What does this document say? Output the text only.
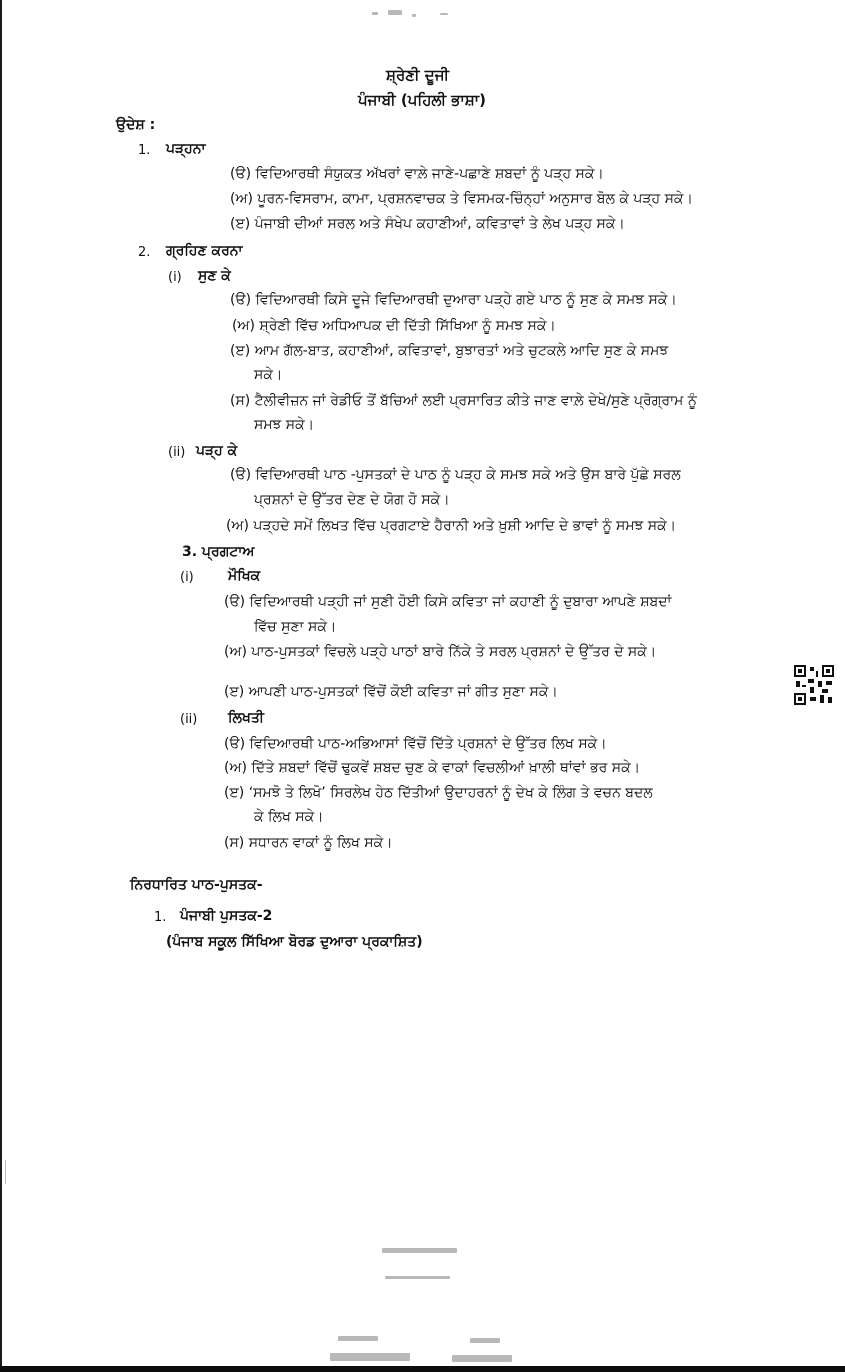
ਸ਼੍ਰੇਣੀ ਦੂਜੀ
ਪੰਜਾਬੀ (ਪਹਿਲੀ ਭਾਸ਼ਾ)
ਉਦੇਸ਼ :
1. ਪੜ੍ਹਨਾ
(ੳ) ਵਿਦਿਆਰਥੀ ਸੰਯੁਕਤ ਅੱਖਰਾਂ ਵਾਲ਼ੇ ਜਾਣੇ-ਪਛਾਣੇ ਸ਼ਬਦਾਂ ਨੂੰ ਪੜ੍ਹ ਸਕੇ।
(ਅ) ਪੂਰਨ-ਵਿਸਰਾਮ, ਕਾਮਾ, ਪ੍ਰਸ਼ਨਵਾਚਕ ਤੇ ਵਿਸਮਕ-ਚਿੰਨ੍ਹਾਂ ਅਨੁਸਾਰ ਬੋਲ ਕੇ ਪੜ੍ਹ ਸਕੇ।
(ੲ) ਪੰਜਾਬੀ ਦੀਆਂ ਸਰਲ ਅਤੇ ਸੰਖੇਪ ਕਹਾਣੀਆਂ, ਕਵਿਤਾਵਾਂ ਤੇ ਲੇਖ ਪੜ੍ਹ ਸਕੇ।
2. ਗ੍ਰਹਿਣ ਕਰਨਾ
(i) ਸੁਣ ਕੇ
(ੳ) ਵਿਦਿਆਰਥੀ ਕਿਸੇ ਦੂਜੇ ਵਿਦਿਆਰਥੀ ਦੁਆਰਾ ਪੜ੍ਹੇ ਗਏ ਪਾਠ ਨੂੰ ਸੁਣ ਕੇ ਸਮਝ ਸਕੇ।
(ਅ) ਸ਼੍ਰੇਣੀ ਵਿੱਚ ਅਧਿਆਪਕ ਦੀ ਦਿੱਤੀ ਸਿੱਖਿਆ ਨੂੰ ਸਮਝ ਸਕੇ।
(ੲ) ਆਮ ਗੱਲ-ਬਾਤ, ਕਹਾਣੀਆਂ, ਕਵਿਤਾਵਾਂ, ਬੁਝਾਰਤਾਂ ਅਤੇ ਚੁਟਕਲੇ ਆਦਿ ਸੁਣ ਕੇ ਸਮਝ
ਸਕੇ।
(ਸ) ਟੈਲੀਵੀਜ਼ਨ ਜਾਂ ਰੇਡੀਓ ਤੋਂ ਬੱਚਿਆਂ ਲਈ ਪ੍ਰਸਾਰਿਤ ਕੀਤੇ ਜਾਣ ਵਾਲ਼ੇ ਦੇਖੇ/ਸੁਣੇ ਪ੍ਰੋਗ੍ਰਾਮ ਨੂੰ
ਸਮਝ ਸਕੇ।
(ii) ਪੜ੍ਹ ਕੇ
(ੳ) ਵਿਦਿਆਰਥੀ ਪਾਠ -ਪੁਸਤਕਾਂ ਦੇ ਪਾਠ ਨੂੰ ਪੜ੍ਹ ਕੇ ਸਮਝ ਸਕੇ ਅਤੇ ਉਸ ਬਾਰੇ ਪੁੱਛੇ ਸਰਲ
ਪ੍ਰਸ਼ਨਾਂ ਦੇ ਉੱਤਰ ਦੇਣ ਦੇ ਯੋਗ ਹੋ ਸਕੇ।
(ਅ) ਪੜ੍ਹਦੇ ਸਮੇਂ ਲਿਖਤ ਵਿੱਚ ਪ੍ਰਗਟਾਏ ਹੈਰਾਨੀ ਅਤੇ ਖ਼ੁਸ਼ੀ ਆਦਿ ਦੇ ਭਾਵਾਂ ਨੂੰ ਸਮਝ ਸਕੇ।
3. ਪ੍ਰਗਟਾਅ
(i) ਮੌਖਿਕ
(ੳ) ਵਿਦਿਆਰਥੀ ਪੜ੍ਹੀ ਜਾਂ ਸੁਣੀ ਹੋਈ ਕਿਸੇ ਕਵਿਤਾ ਜਾਂ ਕਹਾਣੀ ਨੂੰ ਦੁਬਾਰਾ ਆਪਣੇ ਸ਼ਬਦਾਂ
ਵਿੱਚ ਸੁਣਾ ਸਕੇ।
(ਅ) ਪਾਠ-ਪੁਸਤਕਾਂ ਵਿਚਲੇ ਪੜ੍ਹੇ ਪਾਠਾਂ ਬਾਰੇ ਨਿੱਕੇ ਤੇ ਸਰਲ ਪ੍ਰਸ਼ਨਾਂ ਦੇ ਉੱਤਰ ਦੇ ਸਕੇ।
(ੲ) ਆਪਣੀ ਪਾਠ-ਪੁਸਤਕਾਂ ਵਿੱਚੋਂ ਕੋਈ ਕਵਿਤਾ ਜਾਂ ਗੀਤ ਸੁਣਾ ਸਕੇ।
(ii) ਲਿਖਤੀ
(ੳ) ਵਿਦਿਆਰਥੀ ਪਾਠ-ਅਭਿਆਸਾਂ ਵਿੱਚੋਂ ਦਿੱਤੇ ਪ੍ਰਸ਼ਨਾਂ ਦੇ ਉੱਤਰ ਲਿਖ ਸਕੇ।
(ਅ) ਦਿੱਤੇ ਸ਼ਬਦਾਂ ਵਿੱਚੋਂ ਢੁਕਵੇਂ ਸ਼ਬਦ ਚੁਣ ਕੇ ਵਾਕਾਂ ਵਿਚਲੀਆਂ ਖ਼ਾਲੀ ਥਾਂਵਾਂ ਭਰ ਸਕੇ।
(ੲ) ‘ਸਮਝੋ ਤੇ ਲਿਖੋ’ ਸਿਰਲੇਖ ਹੇਠ ਦਿੱਤੀਆਂ ਉਦਾਹਰਨਾਂ ਨੂੰ ਦੇਖ ਕੇ ਲਿੰਗ ਤੇ ਵਚਨ ਬਦਲ
ਕੇ ਲਿਖ ਸਕੇ।
(ਸ) ਸਧਾਰਨ ਵਾਕਾਂ ਨੂੰ ਲਿਖ ਸਕੇ।
ਨਿਰਧਾਰਿਤ ਪਾਠ-ਪੁਸਤਕ-
1. ਪੰਜਾਬੀ ਪੁਸਤਕ-2
(ਪੰਜਾਬ ਸਕੂਲ ਸਿੱਖਿਆ ਬੋਰਡ ਦੁਆਰਾ ਪ੍ਰਕਾਸ਼ਿਤ)
